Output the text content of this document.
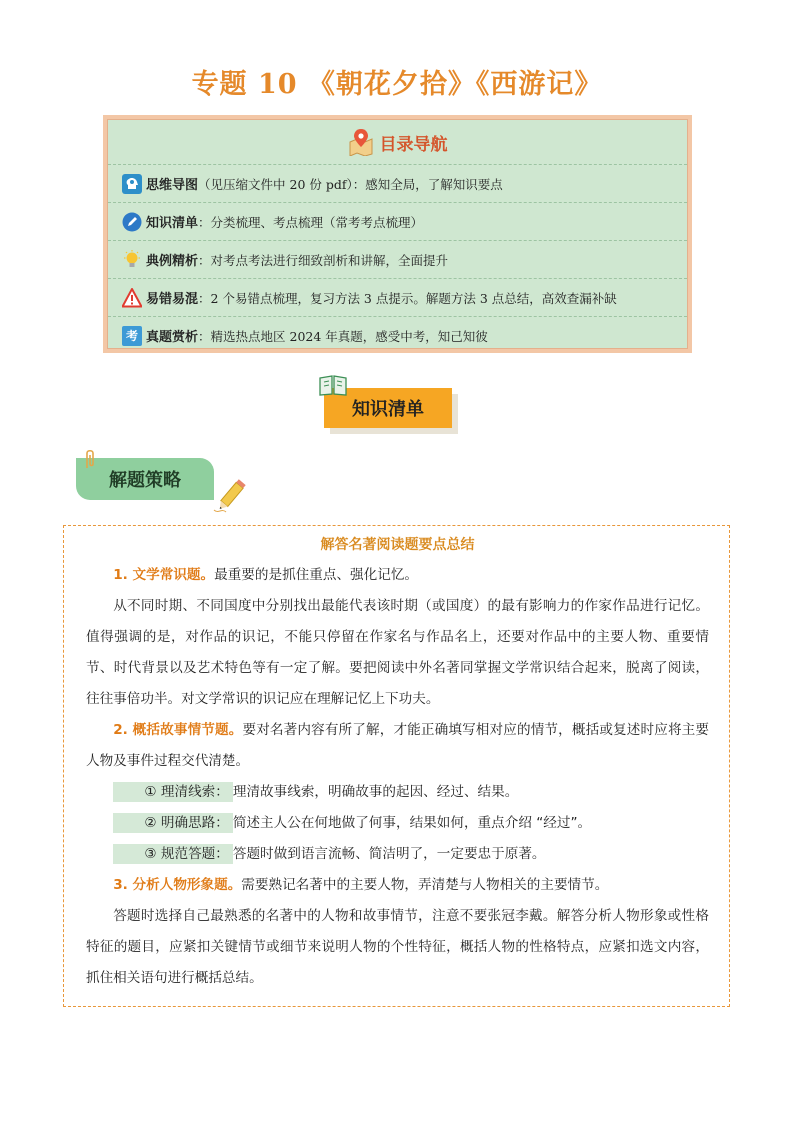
专题 10 《朝花夕拾》《西游记》
目录导航
思维导图 （见压缩文件中 20 份 pdf）：感知全局，了解知识要点
知识清单 ：分类梳理、考点梳理（常考考点梳理）
典例精析 ：对考点考法进行细致剖析和讲解，全面提升
易错易混 ：2 个易错点梳理，复习方法 3 点提示。解题方法 3 点总结，高效查漏补缺
考 真题赏析 ：精选热点地区 2024 年真题，感受中考，知己知彼
知识清单
解题策略
解答名著阅读题要点总结

1. 文学常识题。最重要的是抓住重点、强化记忆。

从不同时期、不同国度中分别找出最能代表该时期（或国度）的最有影响力的作家作品进行记忆。值得强调的是，对作品的识记，不能只停留在作家名与作品名上，还要对作品中的主要人物、重要情节、时代背景以及艺术特色等有一定了解。要把阅读中外名著同掌握文学常识结合起来，脱离了阅读，往往事倍功半。对文学常识的识记应在理解记忆上下功夫。

2. 概括故事情节题。要对名著内容有所了解，才能正确填写相对应的情节，概括或复述时应将主要人物及事件过程交代清楚。

① 理清线索： 理清故事线索，明确故事的起因、经过、结果。

② 明确思路： 简述主人公在何地做了何事，结果如何，重点介绍 “经过”。

③ 规范答题： 答题时做到语言流畅、简洁明了，一定要忠于原著。

3. 分析人物形象题。需要熟记名著中的主要人物，弄清楚与人物相关的主要情节。

答题时选择自己最熟悉的名著中的人物和故事情节，注意不要张冠李戴。解答分析人物形象或性格特征的题目，应紧扣关键情节或细节来说明人物的个性特征，概括人物的性格特点，应紧扣选文内容，抓住相关语句进行概括总结。
